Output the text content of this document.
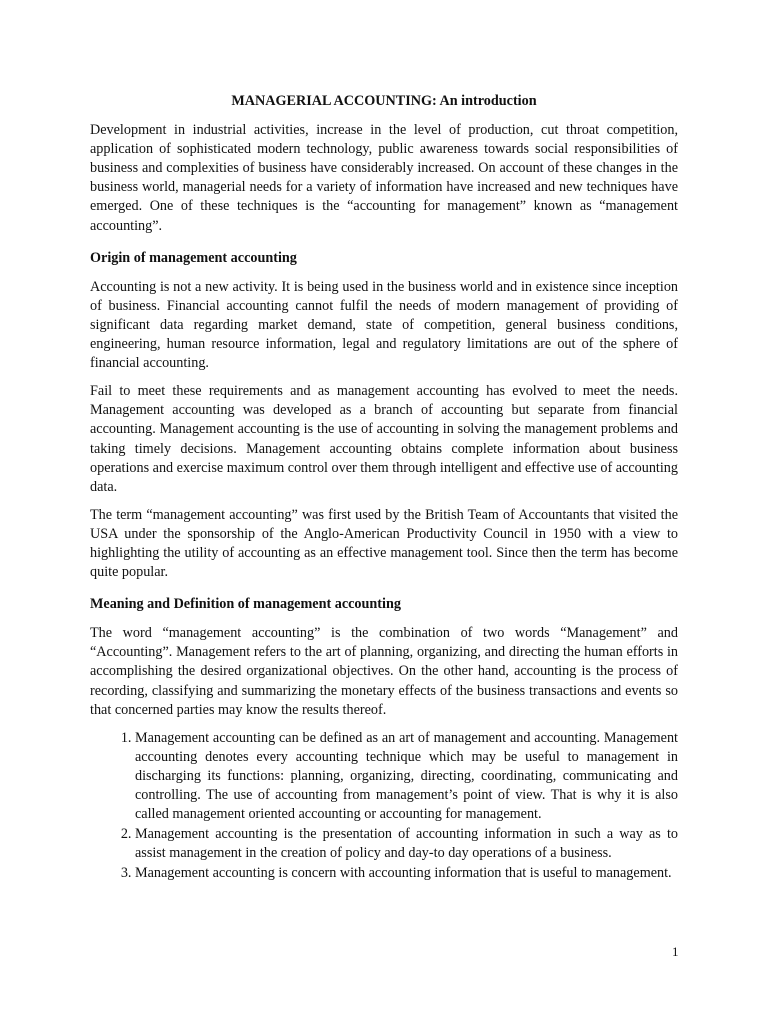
MANAGERIAL ACCOUNTING: An introduction

Development in industrial activities, increase in the level of production, cut throat competition, application of sophisticated modern technology, public awareness towards social responsibilities of business and complexities of business have considerably increased. On account of these changes in the business world, managerial needs for a variety of information have increased and new techniques have emerged. One of these techniques is the “accounting for management” known as “management accounting”.

Origin of management accounting

Accounting is not a new activity. It is being used in the business world and in existence since inception of business. Financial accounting cannot fulfil the needs of modern management of providing of significant data regarding market demand, state of competition, general business conditions, engineering, human resource information, legal and regulatory limitations are out of the sphere of financial accounting.

Fail to meet these requirements and as management accounting has evolved to meet the needs. Management accounting was developed as a branch of accounting but separate from financial accounting. Management accounting is the use of accounting in solving the management problems and taking timely decisions. Management accounting obtains complete information about business operations and exercise maximum control over them through intelligent and effective use of accounting data.

The term “management accounting” was first used by the British Team of Accountants that visited the USA under the sponsorship of the Anglo-American Productivity Council in 1950 with a view to highlighting the utility of accounting as an effective management tool. Since then the term has become quite popular.

Meaning and Definition of management accounting

The word “management accounting” is the combination of two words “Management” and “Accounting”. Management refers to the art of planning, organizing, and directing the human efforts in accomplishing the desired organizational objectives. On the other hand, accounting is the process of recording, classifying and summarizing the monetary effects of the business transactions and events so that concerned parties may know the results thereof.

1. Management accounting can be defined as an art of management and accounting. Management accounting denotes every accounting technique which may be useful to management in discharging its functions: planning, organizing, directing, coordinating, communicating and controlling. The use of accounting from management’s point of view. That is why it is also called management oriented accounting or accounting for management.
2. Management accounting is the presentation of accounting information in such a way as to assist management in the creation of policy and day-to day operations of a business.
3. Management accounting is concern with accounting information that is useful to management.
1
